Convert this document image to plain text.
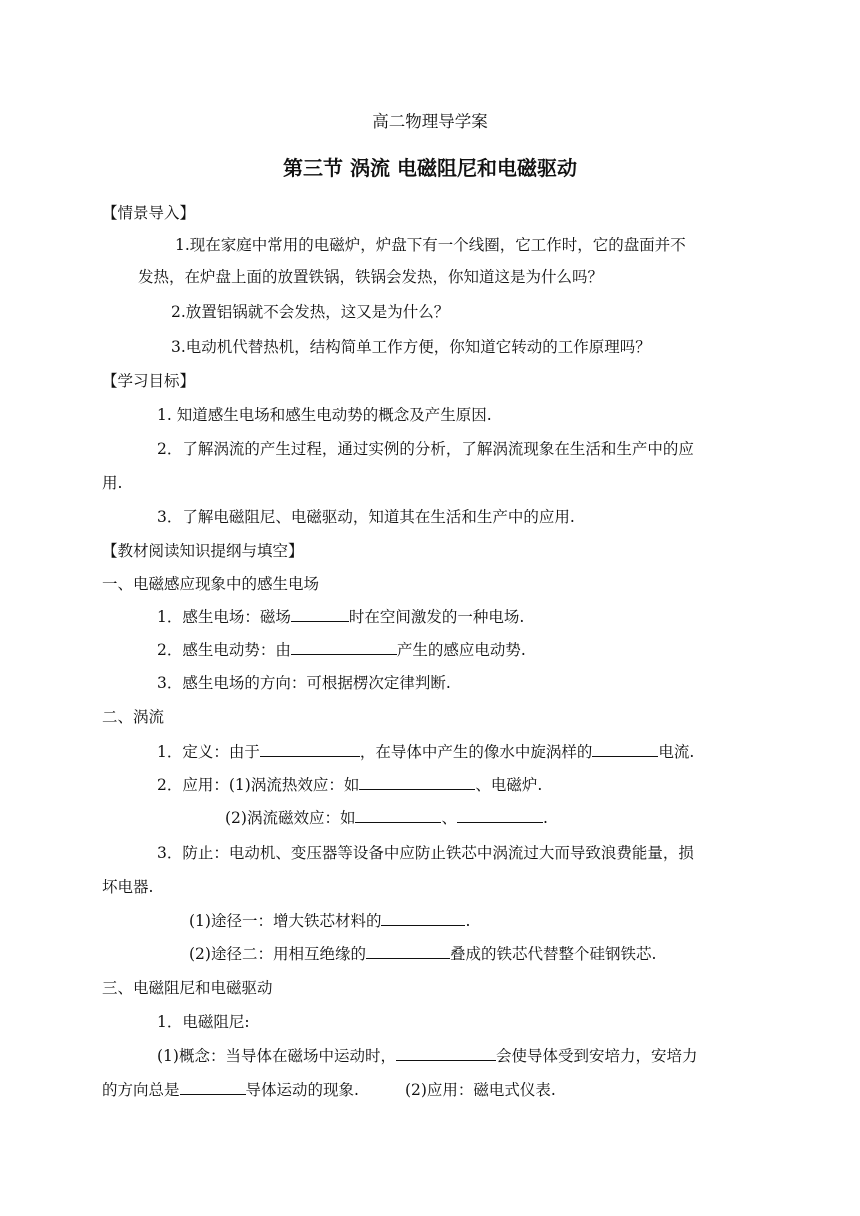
高二物理导学案
第三节 涡流 电磁阻尼和电磁驱动
【情景导入】
1.现在家庭中常用的电磁炉，炉盘下有一个线圈，它工作时，它的盘面并不
发热，在炉盘上面的放置铁锅，铁锅会发热，你知道这是为什么吗？
2.放置铝锅就不会发热，这又是为什么？
3.电动机代替热机，结构简单工作方便，你知道它转动的工作原理吗？
【学习目标】
1. 知道感生电场和感生电动势的概念及产生原因.
2．了解涡流的产生过程，通过实例的分析，了解涡流现象在生活和生产中的应
用.
3．了解电磁阻尼、电磁驱动，知道其在生活和生产中的应用.
【教材阅读知识提纲与填空】
一、电磁感应现象中的感生电场
1．感生电场：磁场	时在空间激发的一种电场.
2．感生电动势：由	产生的感应电动势.
3．感生电场的方向：可根据楞次定律判断.
二、涡流
1．定义：由于	，在导体中产生的像水中旋涡样的	电流.
2．应用：(1)涡流热效应：如	、电磁炉.
(2)涡流磁效应：如	、	.
3．防止：电动机、变压器等设备中应防止铁芯中涡流过大而导致浪费能量，损
坏电器.
(1)途径一：增大铁芯材料的	.
(2)途径二：用相互绝缘的	叠成的铁芯代替整个硅钢铁芯.
三、电磁阻尼和电磁驱动
1．电磁阻尼:
(1)概念：当导体在磁场中运动时，	会使导体受到安培力，安培力
的方向总是	导体运动的现象.	(2)应用：磁电式仪表.
